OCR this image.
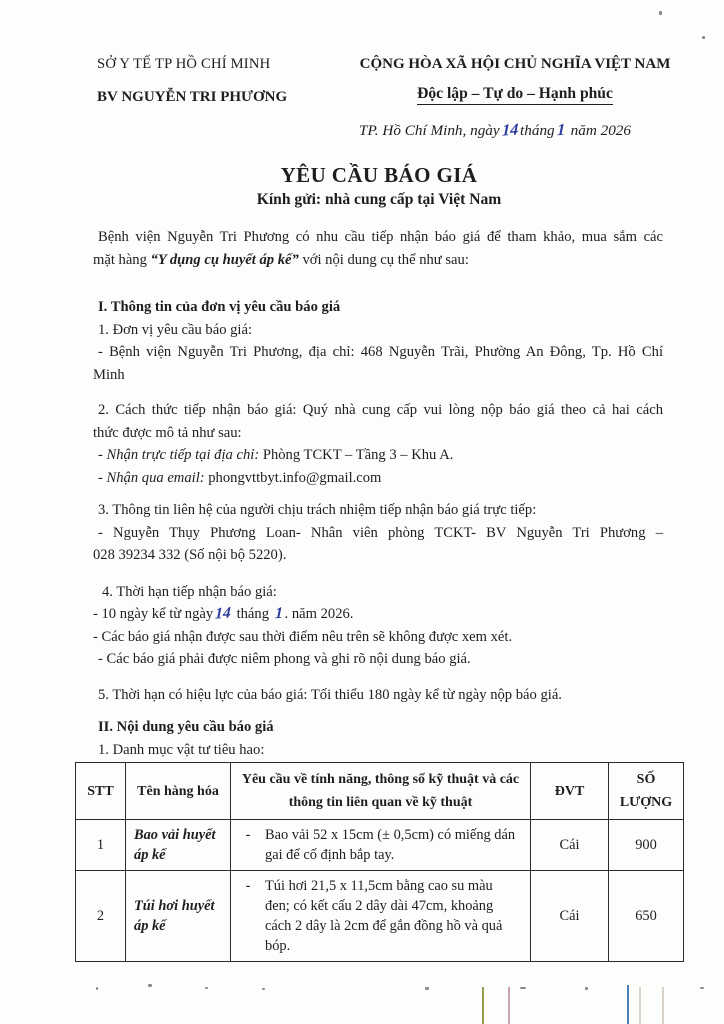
SỞ Y TẾ TP HỒ CHÍ MINH
BV NGUYỄN TRI PHƯƠNG
CỘNG HÒA XÃ HỘI CHỦ NGHĨA VIỆT NAM
Độc lập – Tự do – Hạnh phúc
TP. Hồ Chí Minh, ngày 14 tháng 1 năm 2026
YÊU CẦU BÁO GIÁ
Kính gửi: nhà cung cấp tại Việt Nam

Bệnh viện Nguyễn Tri Phương có nhu cầu tiếp nhận báo giá để tham khảo, mua sắm các

mặt hàng “Y dụng cụ huyết áp kế” với nội dung cụ thể như sau:

I. Thông tin của đơn vị yêu cầu báo giá

1. Đơn vị yêu cầu báo giá:

- Bệnh viện Nguyễn Tri Phương, địa chỉ: 468 Nguyễn Trãi, Phường An Đông, Tp. Hồ Chí

Minh

2. Cách thức tiếp nhận báo giá: Quý nhà cung cấp vui lòng nộp báo giá theo cả hai cách

thức được mô tả như sau:

- Nhận trực tiếp tại địa chỉ: Phòng TCKT – Tầng 3 – Khu A.

- Nhận qua email: phongvttbyt.info@gmail.com

3. Thông tin liên hệ của người chịu trách nhiệm tiếp nhận báo giá trực tiếp:

- Nguyễn Thụy Phương Loan- Nhân viên phòng TCKT- BV Nguyễn Tri Phương –

028 39234 332 (Số nội bộ 5220).

4. Thời hạn tiếp nhận báo giá:

- 10 ngày kể từ ngày 14 tháng 1 . năm 2026.

- Các báo giá nhận được sau thời điểm nêu trên sẽ không được xem xét.

- Các báo giá phải được niêm phong và ghi rõ nội dung báo giá.

5. Thời hạn có hiệu lực của báo giá: Tối thiểu 180 ngày kể từ ngày nộp báo giá.

II. Nội dung yêu cầu báo giá

1. Danh mục vật tư tiêu hao:

STT	Tên hàng hóa	Yêu cầu về tính năng, thông số kỹ thuật và các thông tin liên quan về kỹ thuật	ĐVT	SỐ LƯỢNG
1	Bao vải huyết áp kế	- Bao vải 52 x 15cm (± 0,5cm) có miếng dán gai để cố định bắp tay.	Cái	900
2	Túi hơi huyết áp kế	- Túi hơi 21,5 x 11,5cm bằng cao su màu đen; có kết cấu 2 dây dài 47cm, khoảng cách 2 dây là 2cm để gắn đồng hồ và quả bóp.	Cái	650
